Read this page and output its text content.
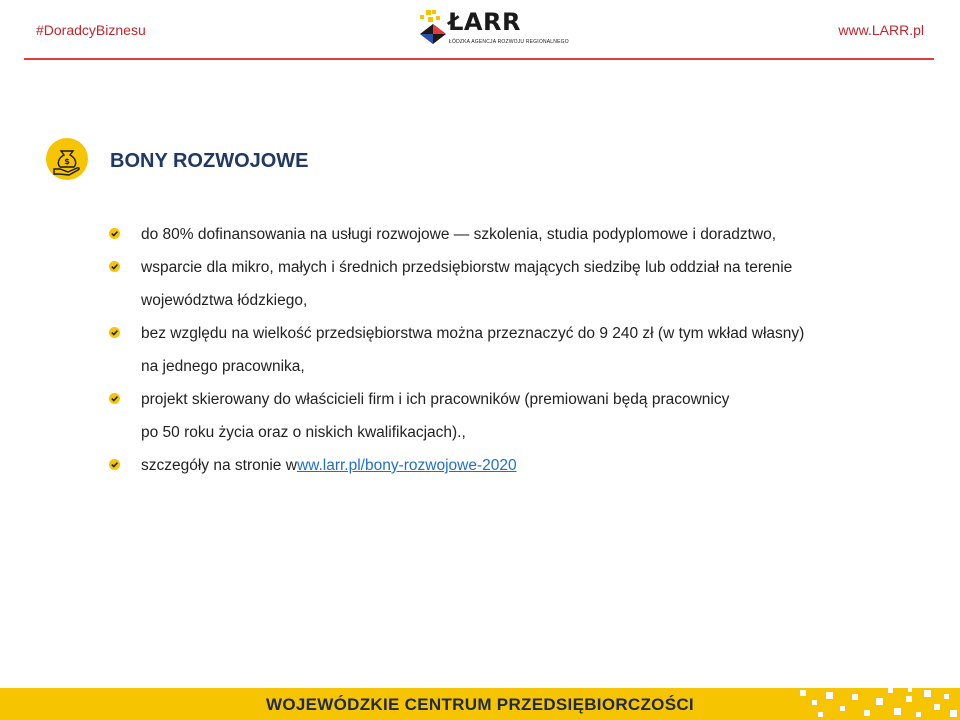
#DoradcyBiznesu	www.LARR.pl
ŁARR
ŁÓDZKA AGENCJA ROZWOJU REGIONALNEGO
$ BONY ROZWOJOWE
do 80% dofinansowania na usługi rozwojowe — szkolenia, studia podyplomowe i doradztwo,
wsparcie dla mikro, małych i średnich przedsiębiorstw mających siedzibę lub oddział na terenie
województwa łódzkiego,
bez względu na wielkość przedsiębiorstwa można przeznaczyć do 9 240 zł (w tym wkład własny)
na jednego pracownika,
projekt skierowany do właścicieli firm i ich pracowników (premiowani będą pracownicy
po 50 roku życia oraz o niskich kwalifikacjach).,
szczegóły na stronie www.larr.pl/bony-rozwojowe-2020
WOJEWÓDZKIE CENTRUM PRZEDSIĘBIORCZOŚCI
